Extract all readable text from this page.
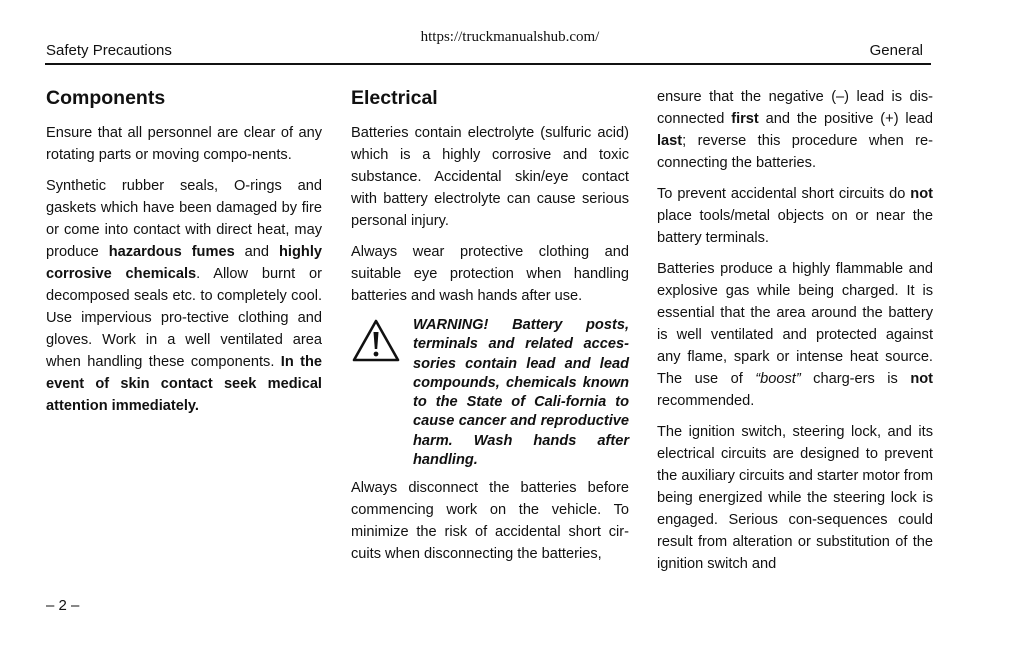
https://truckmanualshub.com/
Safety Precautions	General
Components

Ensure that all personnel are clear of any rotating parts or moving compo-nents.

Synthetic rubber seals, O-rings and gaskets which have been damaged by fire or come into contact with direct heat, may produce hazardous fumes and highly corrosive chemicals. Allow burnt or decomposed seals etc. to completely cool. Use impervious pro-tective clothing and gloves. Work in a well ventilated area when handling these components. In the event of skin contact seek medical attention immediately.

Electrical

Batteries contain electrolyte (sulfuric acid) which is a highly corrosive and toxic substance. Accidental skin/eye contact with battery electrolyte can cause serious personal injury.

Always wear protective clothing and suitable eye protection when handling batteries and wash hands after use.

WARNING! Battery posts, terminals and related acces-sories contain lead and lead compounds, chemicals known to the State of Cali-fornia to cause cancer and reproductive harm. Wash hands after handling.

Always disconnect the batteries before commencing work on the vehicle. To minimize the risk of accidental short cir-cuits when disconnecting the batteries,

ensure that the negative (–) lead is dis-connected first and the positive (+) lead last; reverse this procedure when re-connecting the batteries.

To prevent accidental short circuits do not place tools/metal objects on or near the battery terminals.

Batteries produce a highly flammable and explosive gas while being charged. It is essential that the area around the battery is well ventilated and protected against any flame, spark or intense heat source. The use of “boost” charg-ers is not recommended.

The ignition switch, steering lock, and its electrical circuits are designed to prevent the auxiliary circuits and starter motor from being energized while the steering lock is engaged. Serious con-sequences could result from alteration or substitution of the ignition switch and

– 2 –
